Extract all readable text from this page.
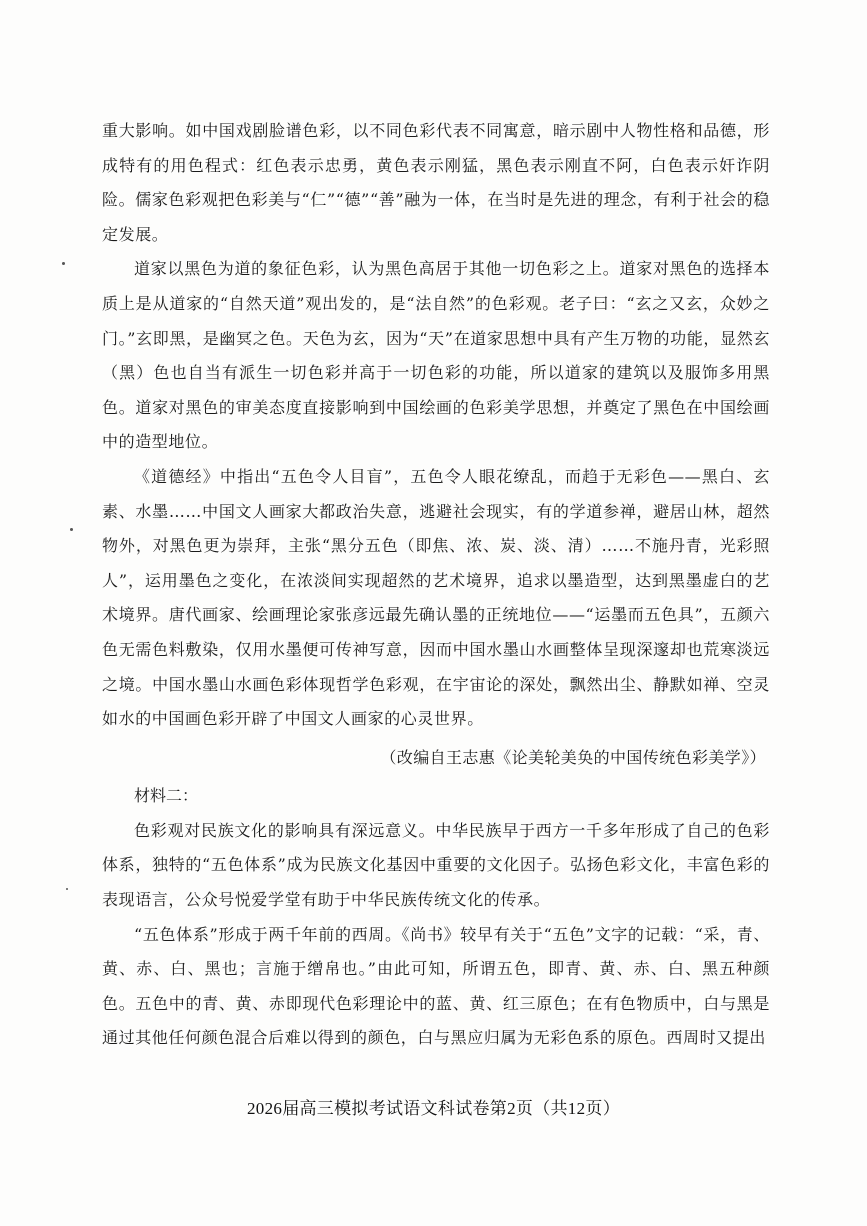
重大影响。如中国戏剧脸谱色彩，以不同色彩代表不同寓意，暗示剧中人物性格和品德，形成特有的用色程式：红色表示忠勇，黄色表示刚猛，黑色表示刚直不阿，白色表示奸诈阴险。儒家色彩观把色彩美与“仁”“德”“善”融为一体，在当时是先进的理念，有利于社会的稳定发展。

道家以黑色为道的象征色彩，认为黑色高居于其他一切色彩之上。道家对黑色的选择本质上是从道家的“自然天道”观出发的，是“法自然”的色彩观。老子曰：“玄之又玄，众妙之门。”玄即黑，是幽冥之色。天色为玄，因为“天”在道家思想中具有产生万物的功能，显然玄（黑）色也自当有派生一切色彩并高于一切色彩的功能，所以道家的建筑以及服饰多用黑色。道家对黑色的审美态度直接影响到中国绘画的色彩美学思想，并奠定了黑色在中国绘画中的造型地位。

《道德经》中指出“五色令人目盲”，五色令人眼花缭乱，而趋于无彩色——黑白、玄素、水墨……中国文人画家大都政治失意，逃避社会现实，有的学道参禅，避居山林，超然物外，对黑色更为崇拜，主张“黑分五色（即焦、浓、炭、淡、清）……不施丹青，光彩照人”，运用墨色之变化，在浓淡间实现超然的艺术境界，追求以墨造型，达到黑墨虚白的艺术境界。唐代画家、绘画理论家张彦远最先确认墨的正统地位——“运墨而五色具”，五颜六色无需色料敷染，仅用水墨便可传神写意，因而中国水墨山水画整体呈现深邃却也荒寒淡远之境。中国水墨山水画色彩体现哲学色彩观，在宇宙论的深处，飘然出尘、静默如禅、空灵如水的中国画色彩开辟了中国文人画家的心灵世界。

（改编自王志惠《论美轮美奂的中国传统色彩美学》）

材料二：

色彩观对民族文化的影响具有深远意义。中华民族早于西方一千多年形成了自己的色彩体系，独特的“五色体系”成为民族文化基因中重要的文化因子。弘扬色彩文化，丰富色彩的表现语言，公众号悦爱学堂有助于中华民族传统文化的传承。

“五色体系”形成于两千年前的西周。《尚书》较早有关于“五色”文字的记载：“采，青、黄、赤、白、黑也；言施于缯帛也。”由此可知，所谓五色，即青、黄、赤、白、黑五种颜色。五色中的青、黄、赤即现代色彩理论中的蓝、黄、红三原色；在有色物质中，白与黑是通过其他任何颜色混合后难以得到的颜色，白与黑应归属为无彩色系的原色。西周时又提出

2026届高三模拟考试语文科试卷第2页（共12页）
